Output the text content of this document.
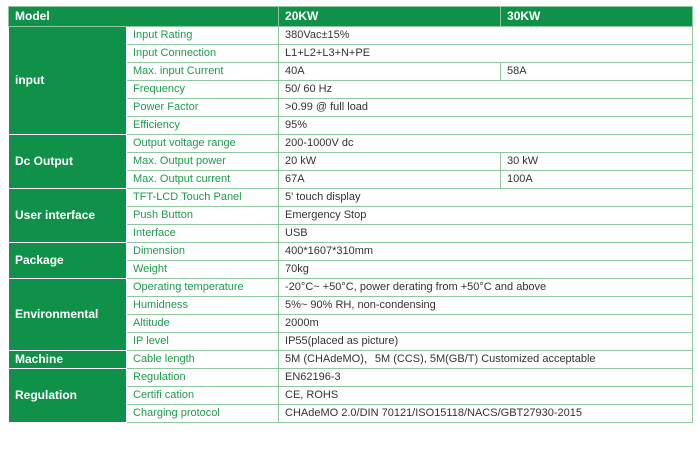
Model		20KW	30KW
input	Input Rating	380Vac±15%	
	Input Connection	L1+L2+L3+N+PE	
	Max. input Current	40A	58A
	Frequency	50/ 60 Hz	
	Power Factor	>0.99 @ full load	
	Efficiency	95%	
Dc Output	Output voltage range	200-1000V dc	
	Max. Output power	20 kW	30 kW
	Max. Output current	67A	100A
User interface	TFT-LCD Touch Panel	5' touch display	
	Push Button	Emergency Stop	
	Interface	USB	
Package	Dimension	400*1607*310mm	
	Weight	70kg	
Environmental	Operating temperature	-20°C~ +50°C, power derating from +50°C and above	
	Humidness	5%~ 90% RH, non-condensing	
	Altitude	2000m	
	IP level	IP55(placed as picture)	
Machine	Cable length	5M (CHAdeMO)，5M (CCS), 5M(GB/T) Customized acceptable	
Regulation	Regulation	EN62196-3	
	Certifi cation	CE, ROHS	
	Charging protocol	CHAdeMO 2.0/DIN 70121/ISO15118/NACS/GBT27930-2015	
